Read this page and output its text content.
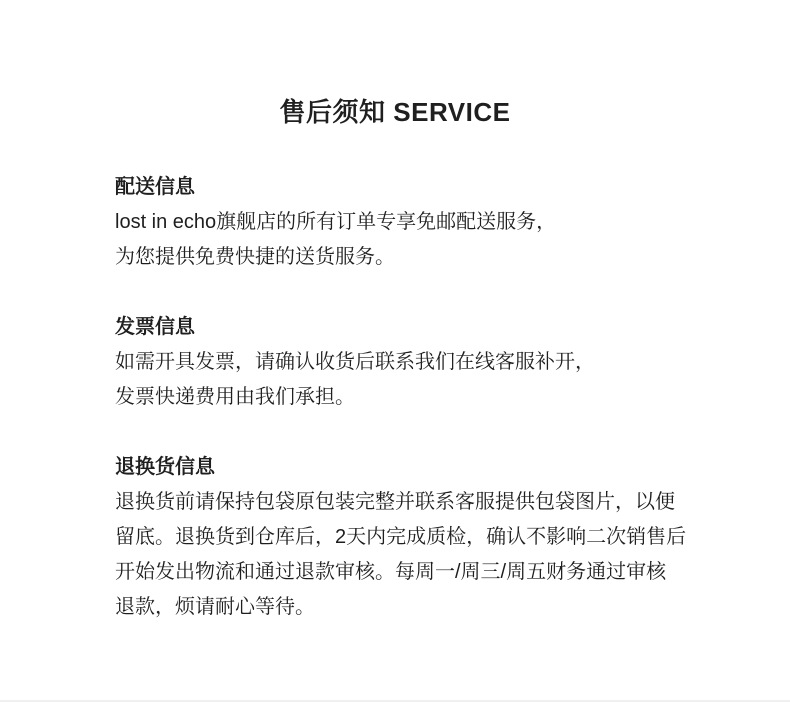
售后须知 SERVICE
配送信息
lost in echo旗舰店的所有订单专享免邮配送服务，
为您提供免费快捷的送货服务。
发票信息
如需开具发票，请确认收货后联系我们在线客服补开，
发票快递费用由我们承担。
退换货信息
退换货前请保持包袋原包装完整并联系客服提供包袋图片，以便
留底。退换货到仓库后，2天内完成质检，确认不影响二次销售后
开始发出物流和通过退款审核。每周一/周三/周五财务通过审核
退款，烦请耐心等待。
